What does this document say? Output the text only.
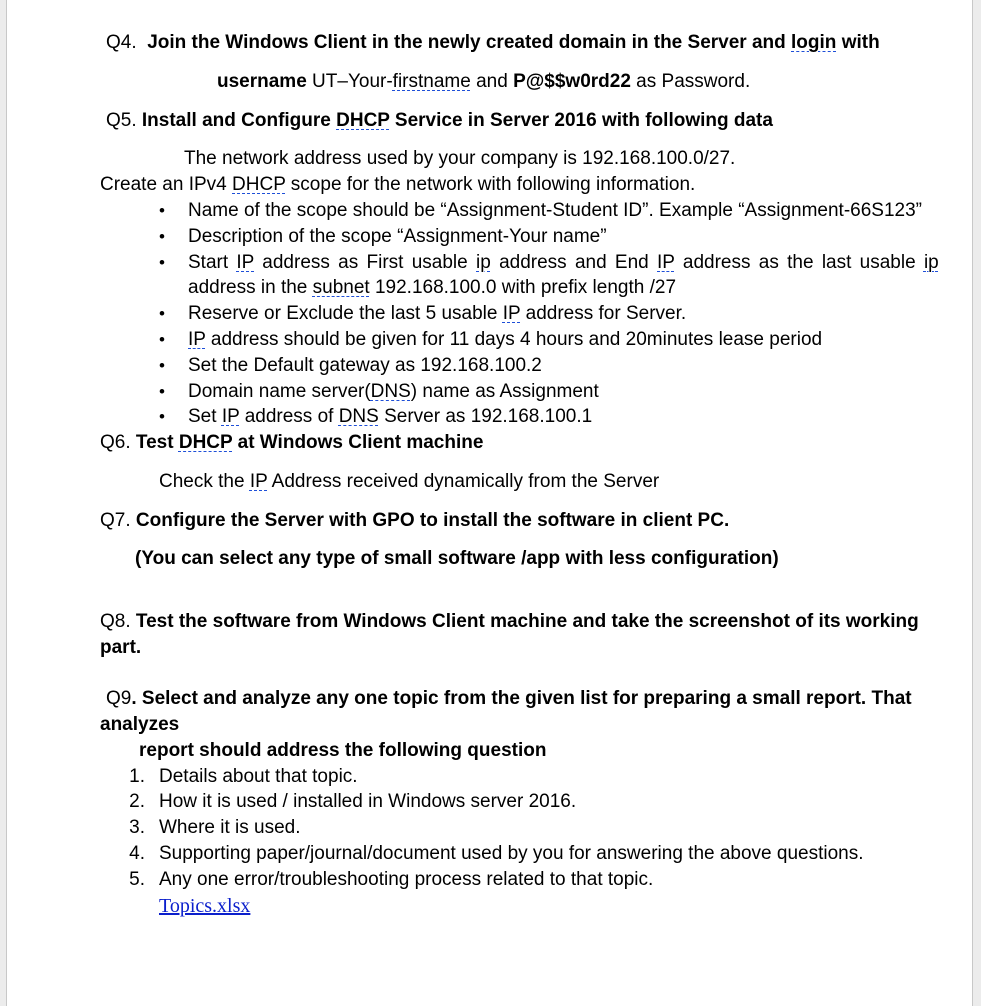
Q4. Join the Windows Client in the newly created domain in the Server and login with
username UT–Your-firstname and P@$$w0rd22 as Password.
Q5. Install and Configure DHCP Service in Server 2016 with following data
The network address used by your company is 192.168.100.0/27.
Create an IPv4 DHCP scope for the network with following information.
• Name of the scope should be “Assignment-Student ID”. Example “Assignment-66S123”
• Description of the scope “Assignment-Your name”
• Start IP address as First usable ip address and End IP address as the last usable ip
address in the subnet 192.168.100.0 with prefix length /27
• Reserve or Exclude the last 5 usable IP address for Server.
• IP address should be given for 11 days 4 hours and 20minutes lease period
• Set the Default gateway as 192.168.100.2
• Domain name server(DNS) name as Assignment
• Set IP address of DNS Server as 192.168.100.1
Q6. Test DHCP at Windows Client machine
Check the IP Address received dynamically from the Server
Q7. Configure the Server with GPO to install the software in client PC.
(You can select any type of small software /app with less configuration)
Q8. Test the software from Windows Client machine and take the screenshot of its working
part.
Q9. Select and analyze any one topic from the given list for preparing a small report. That
analyzes
report should address the following question
1. Details about that topic.
2. How it is used / installed in Windows server 2016.
3. Where it is used.
4. Supporting paper/journal/document used by you for answering the above questions.
5. Any one error/troubleshooting process related to that topic.
Topics.xlsx
